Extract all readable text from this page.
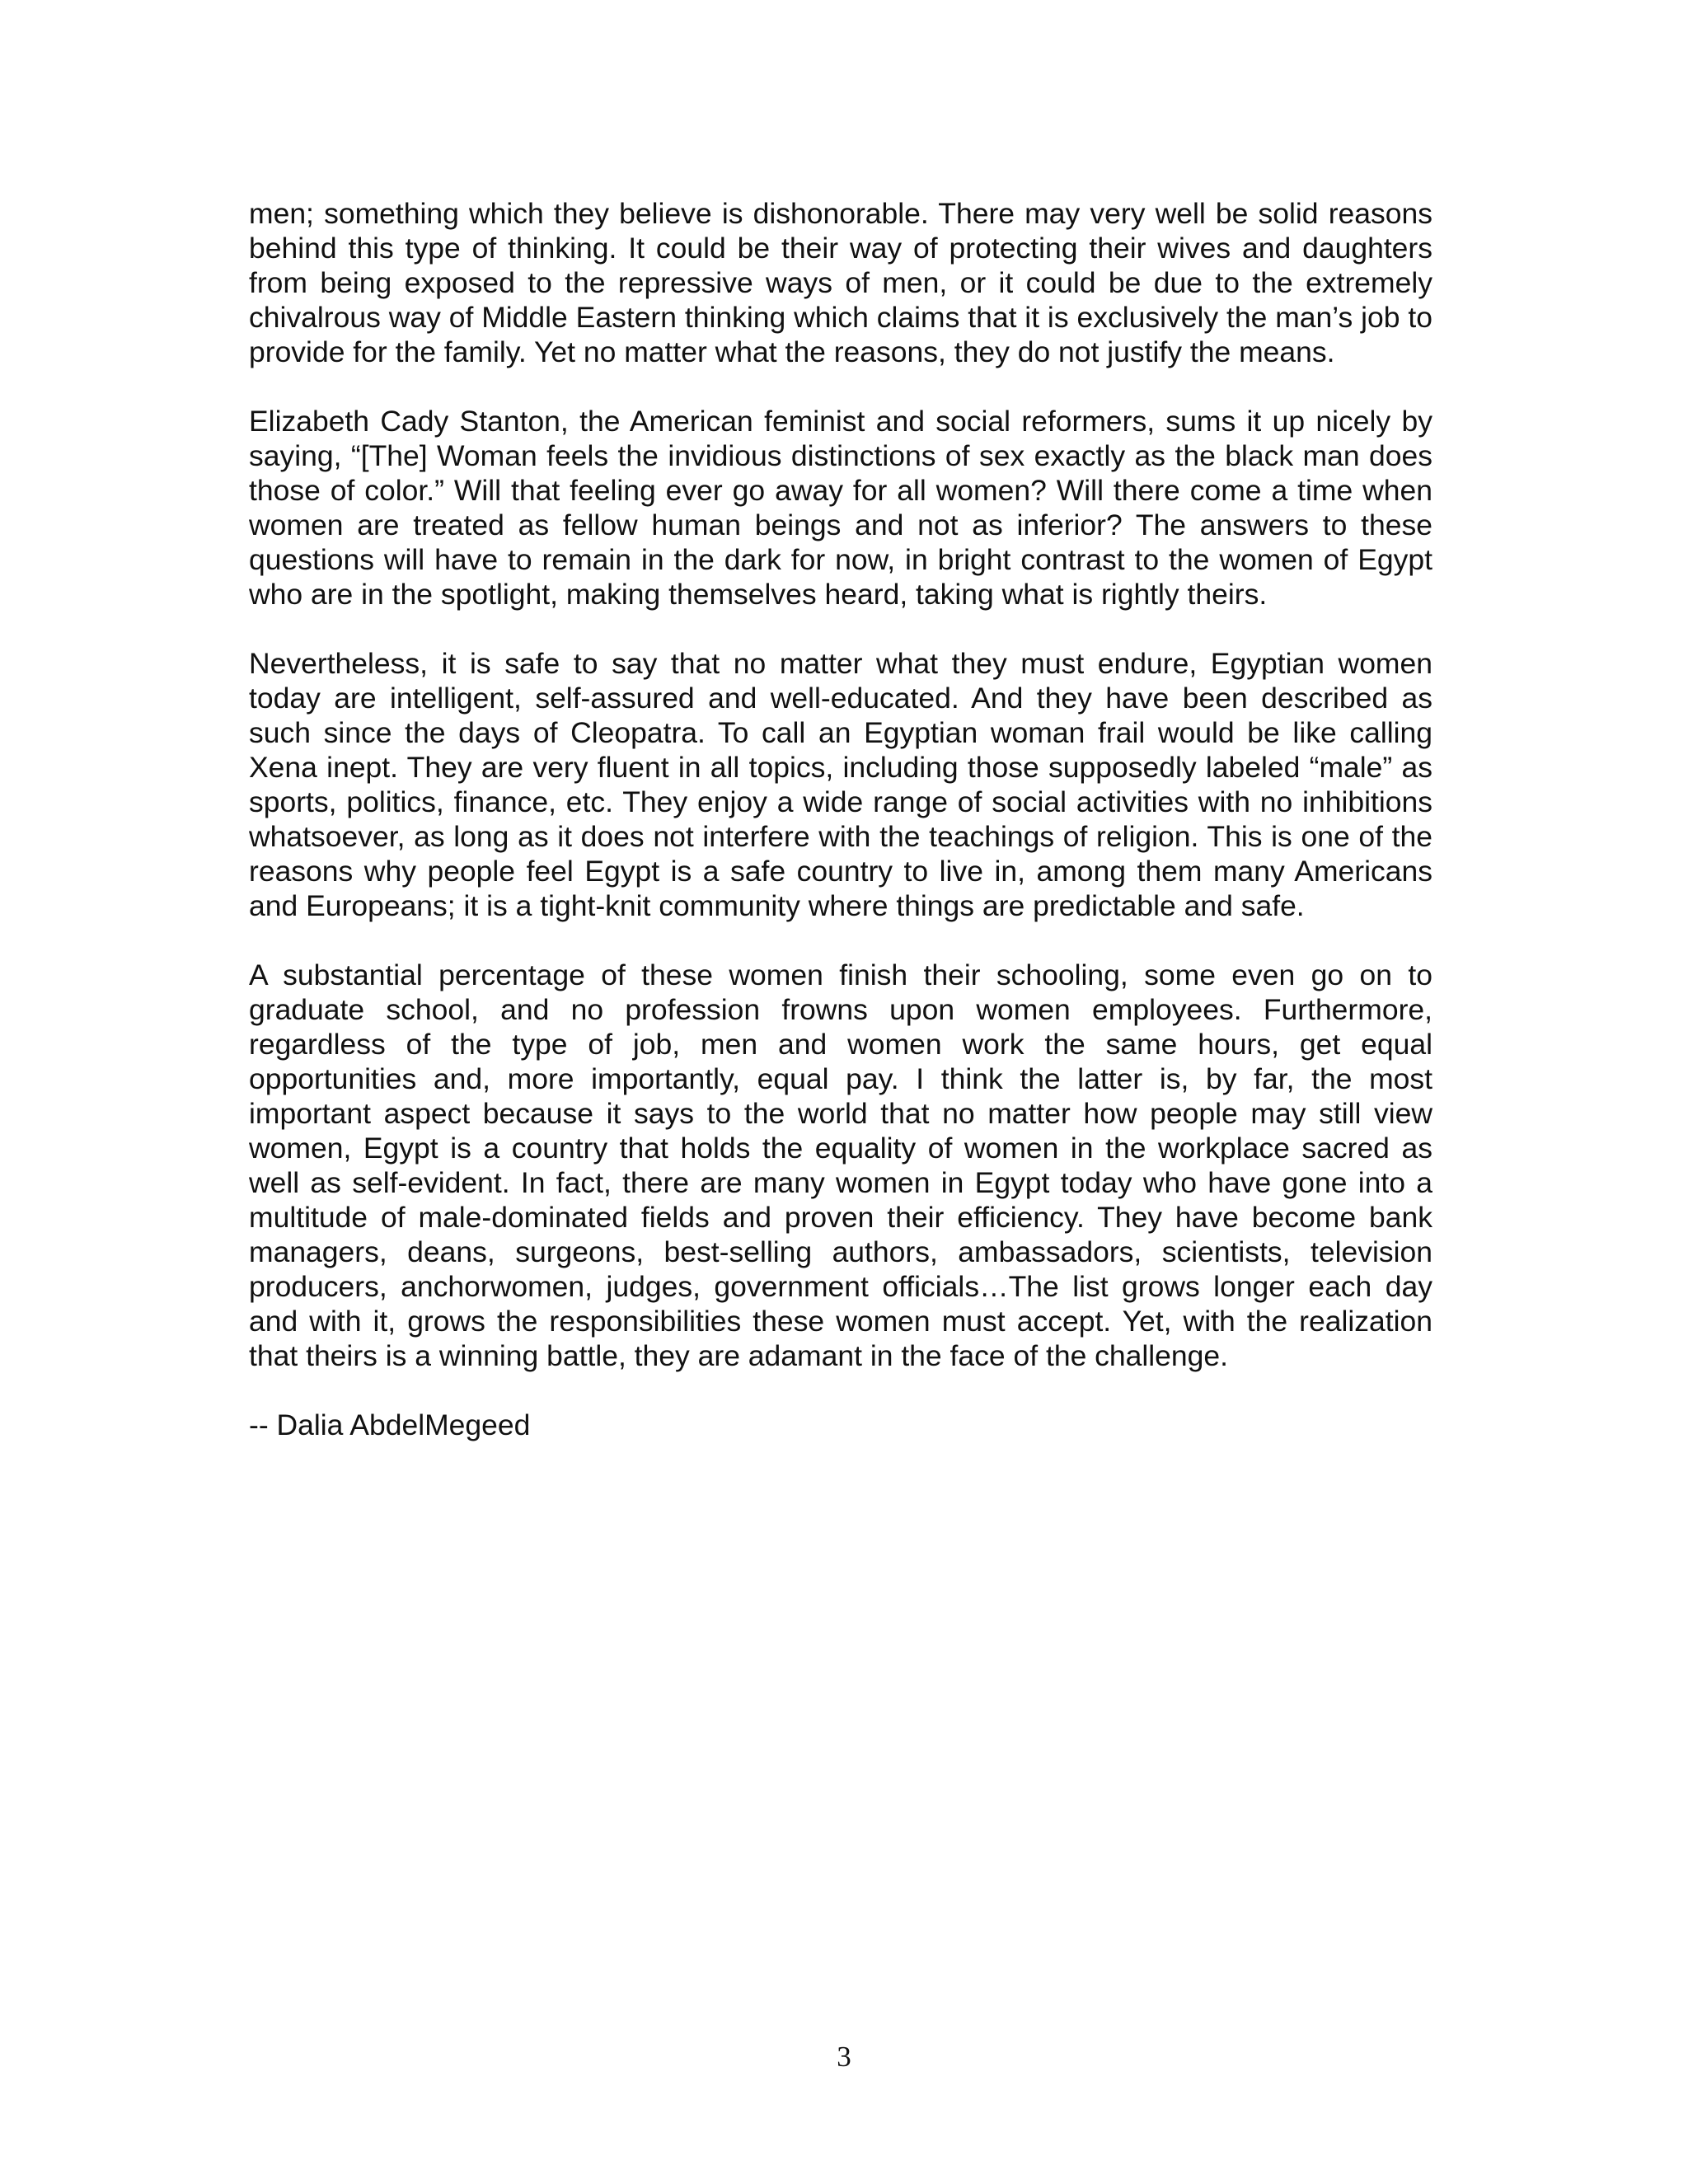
men; something which they believe is dishonorable. There may very well be solid reasons behind this type of thinking. It could be their way of protecting their wives and daughters from being exposed to the repressive ways of men, or it could be due to the extremely chivalrous way of Middle Eastern thinking which claims that it is exclusively the man’s job to provide for the family. Yet no matter what the reasons, they do not justify the means.

Elizabeth Cady Stanton, the American feminist and social reformers, sums it up nicely by saying, “[The] Woman feels the invidious distinctions of sex exactly as the black man does those of color.” Will that feeling ever go away for all women? Will there come a time when women are treated as fellow human beings and not as inferior? The answers to these questions will have to remain in the dark for now, in bright contrast to the women of Egypt who are in the spotlight, making themselves heard, taking what is rightly theirs.

Nevertheless, it is safe to say that no matter what they must endure, Egyptian women today are intelligent, self-assured and well-educated. And they have been described as such since the days of Cleopatra. To call an Egyptian woman frail would be like calling Xena inept. They are very fluent in all topics, including those supposedly labeled “male” as sports, politics, finance, etc. They enjoy a wide range of social activities with no inhibitions whatsoever, as long as it does not interfere with the teachings of religion. This is one of the reasons why people feel Egypt is a safe country to live in, among them many Americans and Europeans; it is a tight-knit community where things are predictable and safe.

A substantial percentage of these women finish their schooling, some even go on to graduate school, and no profession frowns upon women employees. Furthermore, regardless of the type of job, men and women work the same hours, get equal opportunities and, more importantly, equal pay. I think the latter is, by far, the most important aspect because it says to the world that no matter how people may still view women, Egypt is a country that holds the equality of women in the workplace sacred as well as self-evident. In fact, there are many women in Egypt today who have gone into a multitude of male-dominated fields and proven their efficiency. They have become bank managers, deans, surgeons, best-selling authors, ambassadors, scientists, television producers, anchorwomen, judges, government officials…The list grows longer each day and with it, grows the responsibilities these women must accept. Yet, with the realization that theirs is a winning battle, they are adamant in the face of the challenge.

-- Dalia AbdelMegeed

3
